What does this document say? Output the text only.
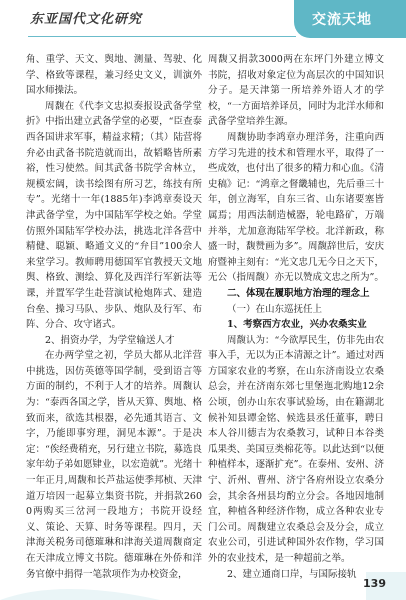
东亚国代文化研究	交流天地

角、重学、天文、舆地、测量、驾驶、化学、格致等课程，兼习经史文义，训演外国水师操法。

周馥在《代李文忠拟奏报设武备学堂折》中指出建立武备学堂的必要，“臣查泰西各国讲求军事，精益求精；（其）陆营将弁必由武备书院造就而出，故韬略皆所素裕，性习使然。间其武备书院学舍林立，规模宏阔，读书绘图有所习艺，练技有所专”。光绪十一年(1885年)李鸿章奏设天津武备学堂，为中国陆军学校之始。学堂仿照外国陆军学校办法，挑选北洋各营中精健、聪颖、略通文义的“弁目”100余人来堂学习。教师聘用德国军官教授天文地舆、格致、测绘、算化及西洋行军新法等课，并置军学生赴营演试枪炮阵式、建造台垒、操习马队、步队、炮队及行军、布阵、分合、攻守诸式。

2、捐资办学，为学堂输送人才

在办两学堂之初，学员大都从北洋营中挑选，因仿英德等国学制，受到语言等方面的制约，不利于人才的培养。周馥认为：“泰西各国之学，皆从天算、舆地、格致而来，欲选其根器，必先通其语言、文字，乃能即事穷理，洞见本源”。于是决定：“俟经费稍充，另行建立书院，募选良家年幼子弟如愿肄业，以宏造就”。光绪十一年正月,周馥和长芦盐运使季邦桢、天津道万培因一起募立集资书院，并捐款2600两购买三岔河一段地方；书院开设经义、策论、天算、时务等课程。四月，天津海关税务司德璀琳和津海关道周馥商定在天津成立博文书院。德璀琳在外侨和洋务官僚中捐得一笔款项作为办校资金，

周馥又捐款3000两在东坪门外建立博文书院，招收对象定位为高层次的中国知识分子。是天津第一所培养外语人才的学校，“一方面培养译员，同时为北洋水师和武备学堂培养生源。

周馥协助李鸿章办理洋务，注重向西方学习先进的技术和管理水平，取得了一些成效，也付出了很多的精力和心血。《清史稿》记：“鸿章之督畿辅也，先后垂三十年，创立海军，自东三省、山东诸要塞皆属焉；用西法制造械器，轮电路矿，万端并举，尤加意海陆军学校。北洋新政，称盛一时，馥赞画为多”。周馥辞世后，安庆府暨神主刻有：“光文忠几无今日之天下，无公（指周馥）亦无以赞成文忠之所为”。

二、体现在履职地方治理的理念上

（一）在山东巡抚任上

1、考察西方农业，兴办农桑实业

周馥认为：“今欲厚民生，仿非先由农事入手，无以为正本清源之计”。通过对西方国家农业的考察，在山东济南设立农桑总会，并在济南东郊七里堡迤北购地12余公顷，创办山东农事试验场，由在籍湖北候补知县谭金铭、候选县丞任董事，聘日本人谷川德吉为农桑教习，试种日本谷类瓜果类、美国豆类棉花等。以此达到“以便种植样本，逐渐扩充”。在泰州、安州、济宁、沂州、曹州、济宁各府州设立农桑分会，其余各州县均酌立分会。各地因地制宜，种植各种经济作物，成立各种农业专门公司。周馥建立农桑总会及分会，成立农业公司，引进试种国外农作物，学习国外的农业技术，是一种超前之举。

2、建立通商口岸，与国际接轨

139
